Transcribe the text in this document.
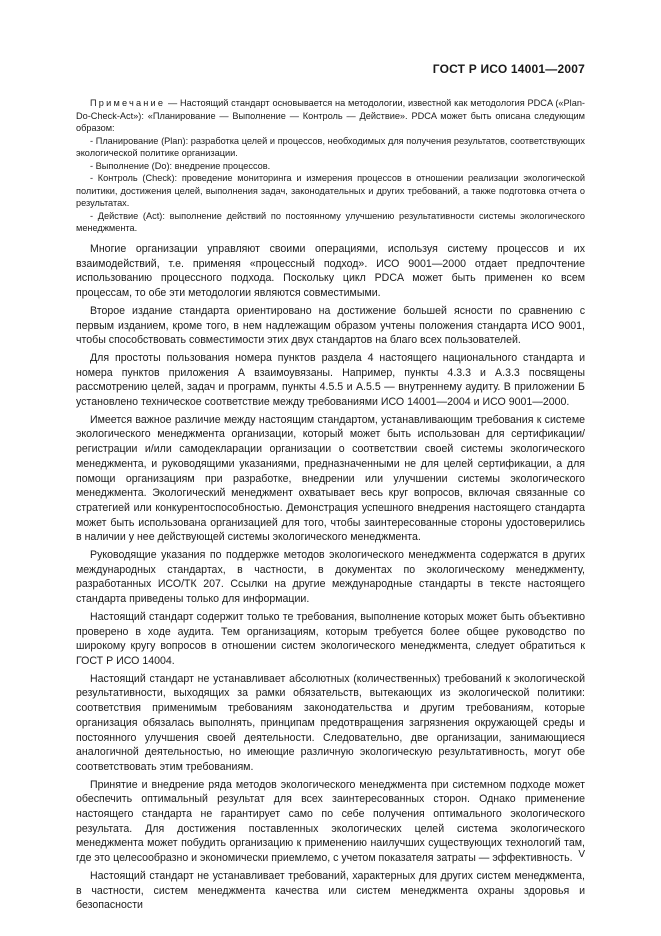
ГОСТ Р ИСО 14001—2007

Примечание — Настоящий стандарт основывается на методологии, известной как методология PDCA («Plan-Do-Check-Act»): «Планирование — Выполнение — Контроль — Действие». PDCA может быть описана следующим образом:

- Планирование (Plan): разработка целей и процессов, необходимых для получения результатов, соответствующих экологической политике организации.

- Выполнение (Do): внедрение процессов.

- Контроль (Check): проведение мониторинга и измерения процессов в отношении реализации экологической политики, достижения целей, выполнения задач, законодательных и других требований, а также подготовка отчета о результатах.

- Действие (Act): выполнение действий по постоянному улучшению результативности системы экологического менеджмента.

Многие организации управляют своими операциями, используя систему процессов и их взаимодействий, т.е. применяя «процессный подход». ИСО 9001—2000 отдает предпочтение использованию процессного подхода. Поскольку цикл PDCA может быть применен ко всем процессам, то обе эти методологии являются совместимыми.

Второе издание стандарта ориентировано на достижение большей ясности по сравнению с первым изданием, кроме того, в нем надлежащим образом учтены положения стандарта ИСО 9001, чтобы способствовать совместимости этих двух стандартов на благо всех пользователей.

Для простоты пользования номера пунктов раздела 4 настоящего национального стандарта и номера пунктов приложения А взаимоувязаны. Например, пункты 4.3.3 и А.3.3 посвящены рассмотрению целей, задач и программ, пункты 4.5.5 и А.5.5 — внутреннему аудиту. В приложении Б установлено техническое соответствие между требованиями ИСО 14001—2004 и ИСО 9001—2000.

Имеется важное различие между настоящим стандартом, устанавливающим требования к системе экологического менеджмента организации, который может быть использован для сертификации/регистрации и/или самодекларации организации о соответствии своей системы экологического менеджмента, и руководящими указаниями, предназначенными не для целей сертификации, а для помощи организациям при разработке, внедрении или улучшении системы экологического менеджмента. Экологический менеджмент охватывает весь круг вопросов, включая связанные со стратегией или конкурентоспособностью. Демонстрация успешного внедрения настоящего стандарта может быть использована организацией для того, чтобы заинтересованные стороны удостоверились в наличии у нее действующей системы экологического менеджмента.

Руководящие указания по поддержке методов экологического менеджмента содержатся в других международных стандартах, в частности, в документах по экологическому менеджменту, разработанных ИСО/ТК 207. Ссылки на другие международные стандарты в тексте настоящего стандарта приведены только для информации.

Настоящий стандарт содержит только те требования, выполнение которых может быть объективно проверено в ходе аудита. Тем организациям, которым требуется более общее руководство по широкому кругу вопросов в отношении систем экологического менеджмента, следует обратиться к ГОСТ Р ИСО 14004.

Настоящий стандарт не устанавливает абсолютных (количественных) требований к экологической результативности, выходящих за рамки обязательств, вытекающих из экологической политики: соответствия применимым требованиям законодательства и другим требованиям, которые организация обязалась выполнять, принципам предотвращения загрязнения окружающей среды и постоянного улучшения своей деятельности. Следовательно, две организации, занимающиеся аналогичной деятельностью, но имеющие различную экологическую результативность, могут обе соответствовать этим требованиям.

Принятие и внедрение ряда методов экологического менеджмента при системном подходе может обеспечить оптимальный результат для всех заинтересованных сторон. Однако применение настоящего стандарта не гарантирует само по себе получения оптимального экологического результата. Для достижения поставленных экологических целей система экологического менеджмента может побудить организацию к применению наилучших существующих технологий там, где это целесообразно и экономически приемлемо, с учетом показателя затраты — эффективность.

Настоящий стандарт не устанавливает требований, характерных для других систем менеджмента, в частности, систем менеджмента качества или систем менеджмента охраны здоровья и безопасности

V
